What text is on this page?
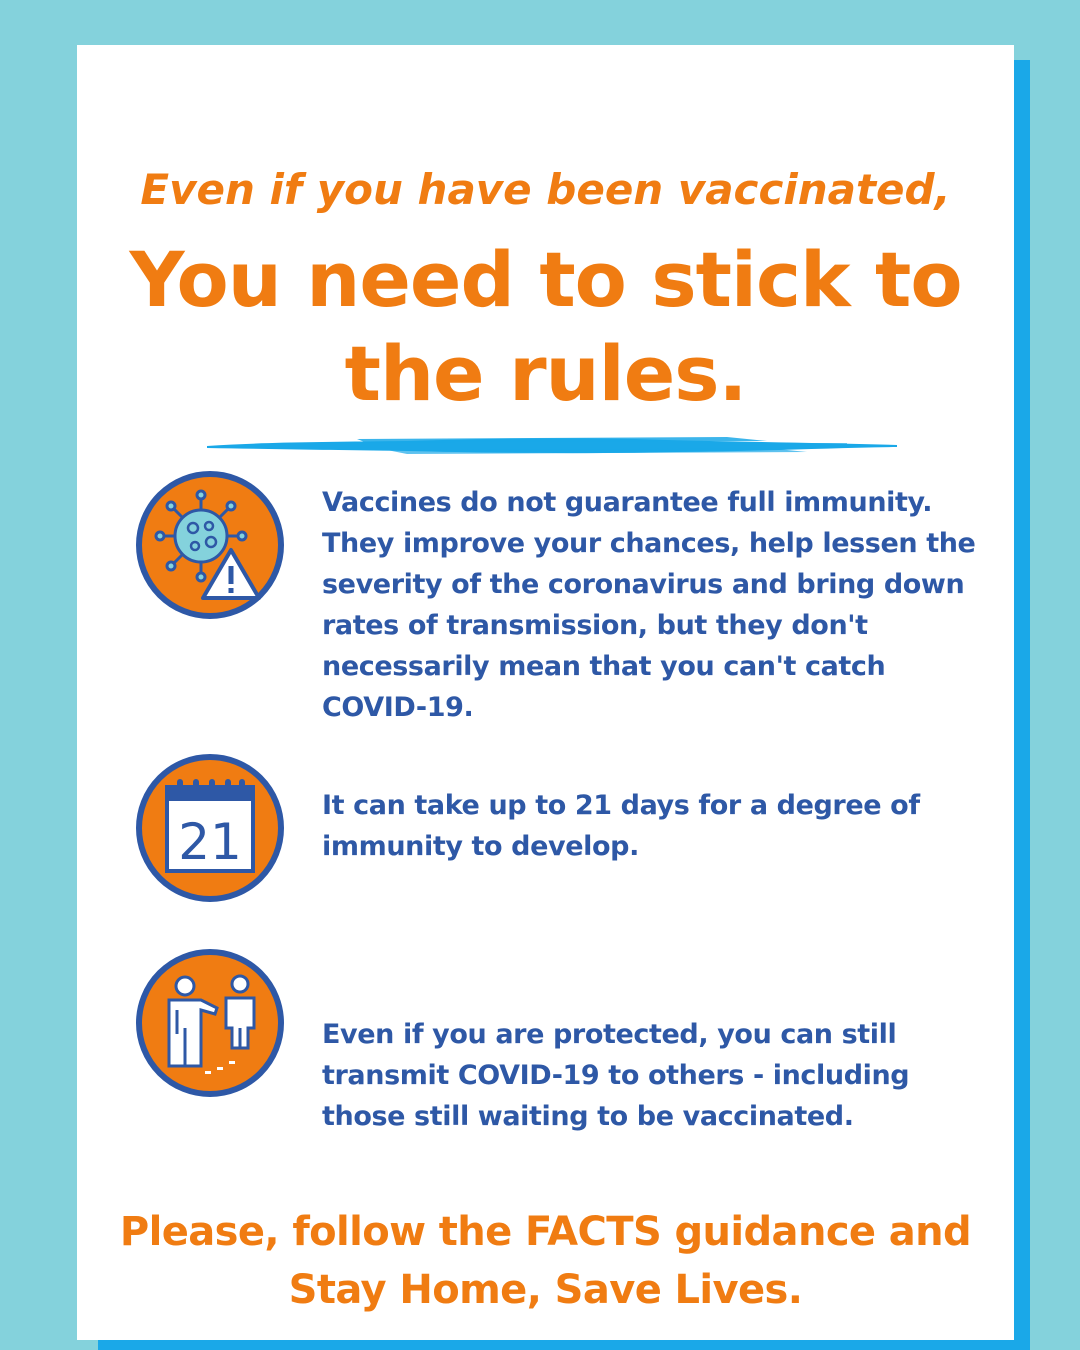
Even if you have been vaccinated,
You need to stick to the rules.
Vaccines do not guarantee full immunity. They improve your chances, help lessen the severity of the coronavirus and bring down rates of transmission, but they don't necessarily mean that you can't catch COVID-19.
21
It can take up to 21 days for a degree of immunity to develop.
Even if you are protected, you can still transmit COVID-19 to others - including those still waiting to be vaccinated.
Please, follow the FACTS guidance and Stay Home, Save Lives.
